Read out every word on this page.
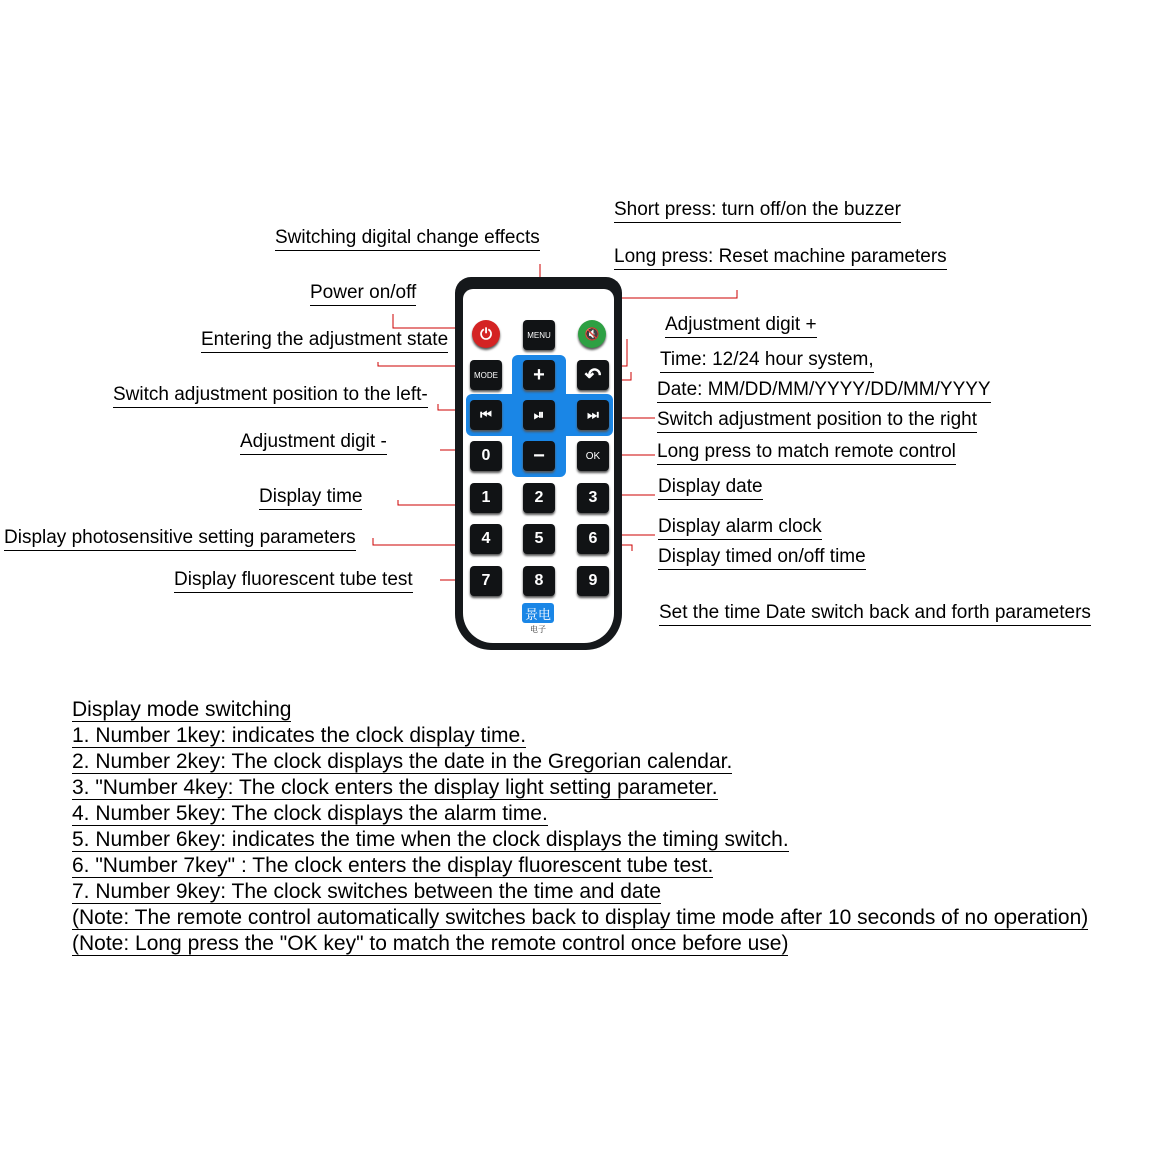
⏻	MENU	🔇
MODE	+	↶
⏮	⏯	⏭
0	−	OK
1	2	3
4	5	6
7	8	9
景电
电子
Short press: turn off/on the buzzer
Long press: Reset machine parameters
Switching digital change effects
Power on/off
Entering the adjustment state
Adjustment digit +
Time: 12/24 hour system,
Date: MM/DD/MM/YYYY/DD/MM/YYYY
Switch adjustment position to the left-
Switch adjustment position to the right
Adjustment digit -	Long press to match remote control
Display time	Display date
Display photosensitive setting parameters
Display alarm clock
Display timed on/off time
Display fluorescent tube test
Set the time Date switch back and forth parameters
Display mode switching
1. Number 1key: indicates the clock display time.
2. Number 2key: The clock displays the date in the Gregorian calendar.
3. "Number 4key: The clock enters the display light setting parameter.
4. Number 5key: The clock displays the alarm time.
5. Number 6key: indicates the time when the clock displays the timing switch.
6. "Number 7key" : The clock enters the display fluorescent tube test.
7. Number 9key: The clock switches between the time and date
(Note: The remote control automatically switches back to display time mode after 10 seconds of no operation)
(Note: Long press the "OK key" to match the remote control once before use)
